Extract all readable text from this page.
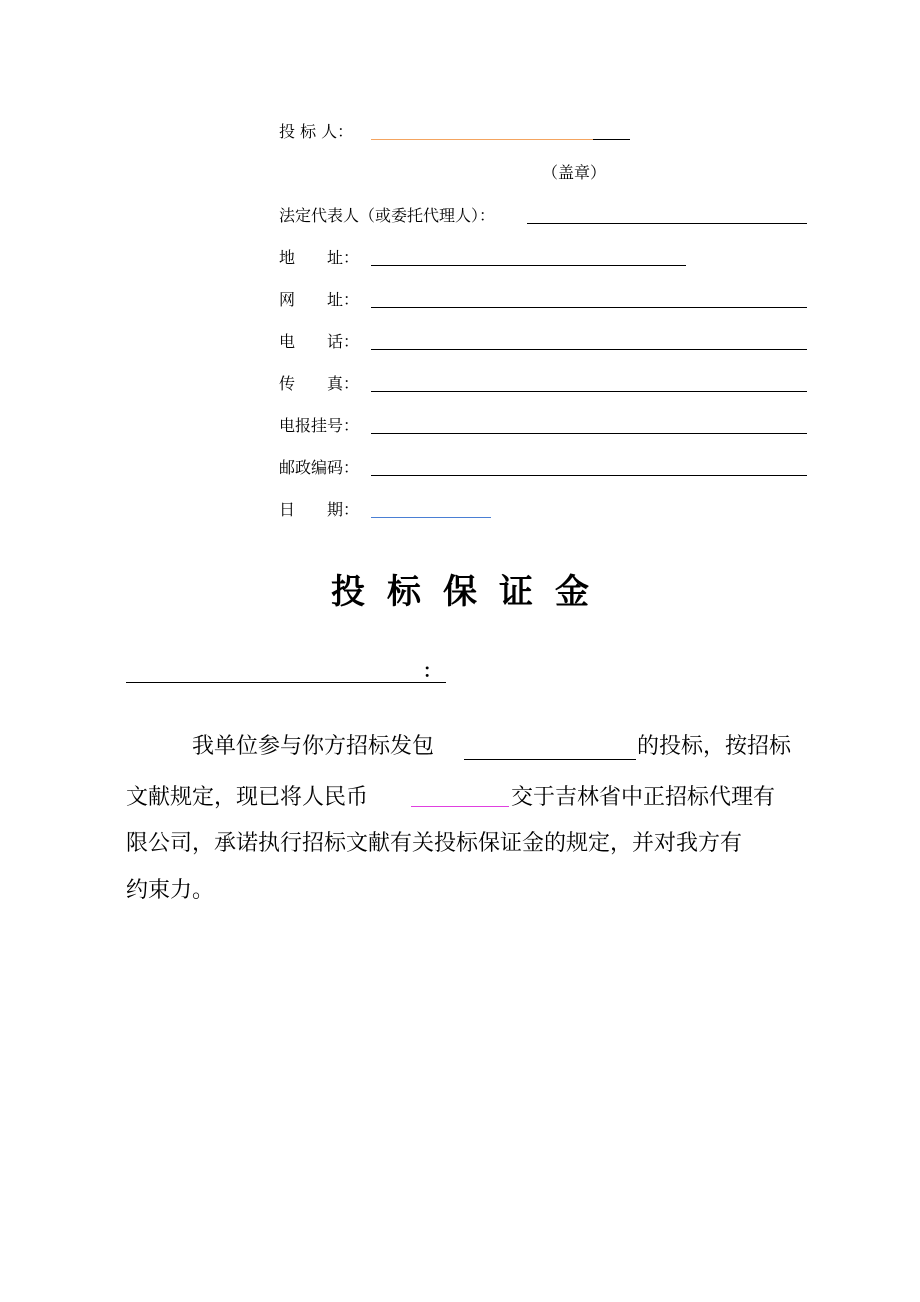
投 标 人：
（盖章）
法定代表人（或委托代理人）：
地　　址：
网　　址：
电　　话：
传　　真：
电报挂号：
邮政编码：
日　　期：
投标保证金
：
我单位参与你方招标发包	的投标，按招标
文献规定，现已将人民币	交于吉林省中正招标代理有
限公司，承诺执行招标文献有关投标保证金的规定，并对我方有
约束力。
